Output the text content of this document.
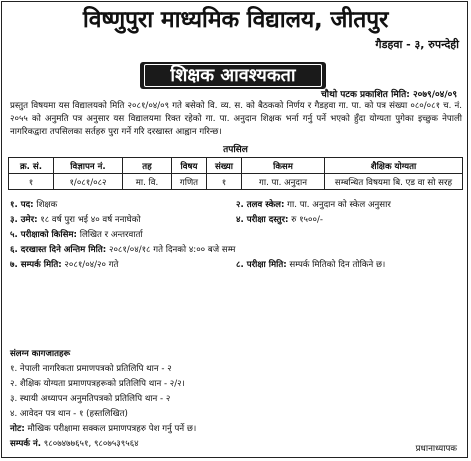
विष्णुपुरा माध्यमिक विद्यालय, जीतपुर
गैडहवा - ३, रुपन्देही
शिक्षक आवश्यकता
चौथो पटक प्रकाशित मिति: २०७९/०४/०९
प्रस्तुत विषयमा यस विद्यालयको मिति २०८१/०४/०९ गते बसेको वि. व्य. स. को बैठकको निर्णय र गैडहवा गा. पा. को पत्र संख्या ०८०/०८१ च. नं. २०५५ को अनुमति पत्र अनुसार यस विद्यालयमा रिक्त रहेको गा. पा. अनुदान शिक्षक भर्ना गर्नु पर्ने भएको हुँदा योग्यता पुगेका इच्छुक नेपाली नागरिकद्वारा तपसिलका सर्तहरु पुरा गर्ने गरि दरखास्त आह्वान गरिन्छ।
तपसिल
क्र. सं.	विज्ञापन नं.	तह	विषय	संख्या	किसम	शैक्षिक योग्यता
१	१/०८१/०८२	मा. वि.	गणित	१	गा. पा. अनुदान	सम्बन्धित विषयमा बि. एड वा सो सरह
१. पद: शिक्षक	२. तलव स्केल: गा. पा. अनुदान को स्केल अनुसार
३. उमेर: १८ वर्ष पुरा भई ४० वर्ष ननाघेको	४. परीक्षा दस्तुर: रु १५००/-
५. परीक्षाको किसिम:
लिखित र अन्तरवार्ता
६. दरखास्त दिने अन्तिम मिति:
२०८१/०४/१८ गते दिनको ४:०० बजे सम्म
७. सम्पर्क मिति: २०८१/०४/२० गते	८. परीक्षा मिति: सम्पर्क मितिको दिन तोकिने छ।
संलग्न कागजातहरू
१. नेपाली नागरिकता प्रमाणपत्रको प्रतिलिपि थान - २
२. शैक्षिक योग्यता प्रमाणपत्रहरूको प्रतिलिपि थान - २/२।
३. स्थायी अध्यापन अनुमतिपत्रको प्रतिलिपि थान - २
४. आवेदन पत्र थान - १ (हस्तलिखित)
नोट:
मौखिक परीक्षामा सक्कल प्रमाणपत्रहरु पेश गर्नु पर्ने छ।
सम्पर्क नं.
९८०७४७७६५१, ९८०७५३९५६४
प्रधानाध्यापक
